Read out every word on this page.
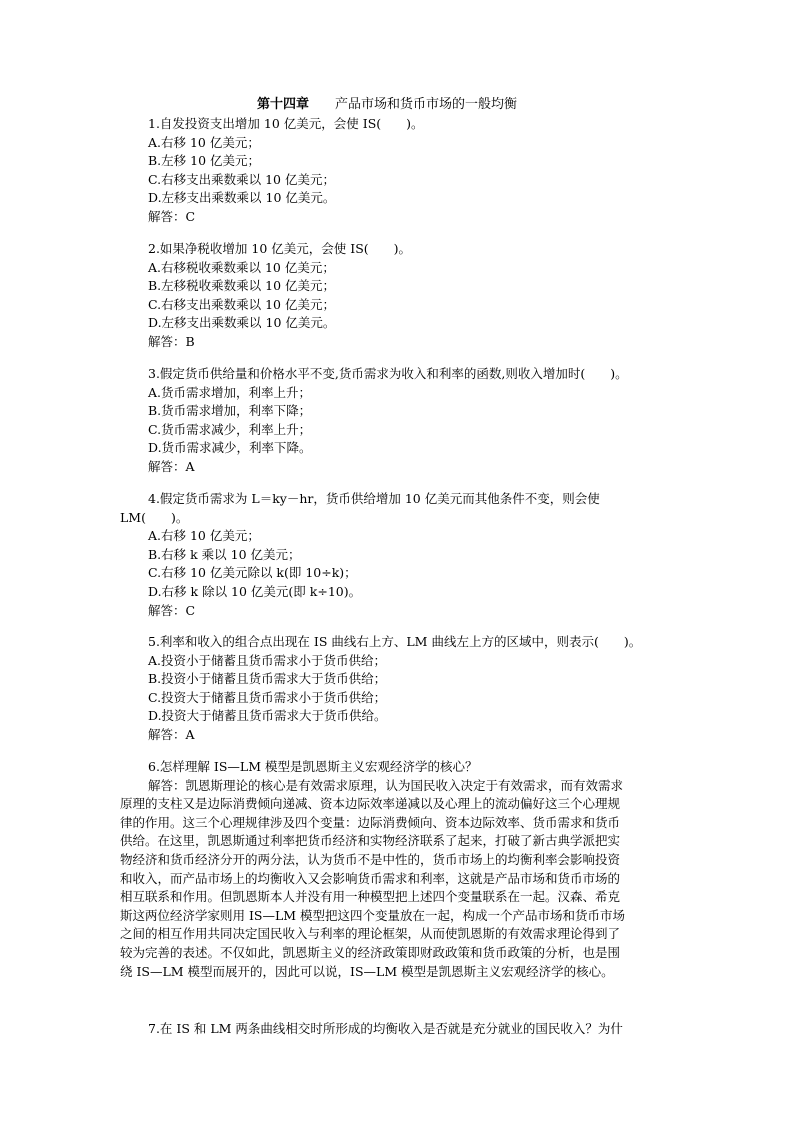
第十四章　　 产品市场和货币市场的一般均衡
1.自发投资支出增加 10 亿美元，会使 IS(　　)。
A.右移 10 亿美元；
B.左移 10 亿美元；
C.右移支出乘数乘以 10 亿美元；
D.左移支出乘数乘以 10 亿美元。
解答：C
2.如果净税收增加 10 亿美元，会使 IS(　　)。
A.右移税收乘数乘以 10 亿美元；
B.左移税收乘数乘以 10 亿美元；
C.右移支出乘数乘以 10 亿美元；
D.左移支出乘数乘以 10 亿美元。
解答：B
3.假定货币供给量和价格水平不变,货币需求为收入和利率的函数,则收入增加时(　　)。
A.货币需求增加，利率上升；
B.货币需求增加，利率下降；
C.货币需求减少，利率上升；
D.货币需求减少，利率下降。
解答：A
4.假定货币需求为 L＝ky－hr，货币供给增加 10 亿美元而其他条件不变，则会使
LM(　　)。
A.右移 10 亿美元；
B.右移 k 乘以 10 亿美元；
C.右移 10 亿美元除以 k(即 10÷k)；
D.右移 k 除以 10 亿美元(即 k÷10)。
解答：C
5.利率和收入的组合点出现在 IS 曲线右上方、LM 曲线左上方的区域中，则表示(　　)。
A.投资小于储蓄且货币需求小于货币供给；
B.投资小于储蓄且货币需求大于货币供给；
C.投资大于储蓄且货币需求小于货币供给；
D.投资大于储蓄且货币需求大于货币供给。
解答：A
6.怎样理解 IS—LM 模型是凯恩斯主义宏观经济学的核心？
解答：凯恩斯理论的核心是有效需求原理，认为国民收入决定于有效需求，而有效需求
原理的支柱又是边际消费倾向递减、资本边际效率递减以及心理上的流动偏好这三个心理规
律的作用。这三个心理规律涉及四个变量：边际消费倾向、资本边际效率、货币需求和货币
供给。在这里，凯恩斯通过利率把货币经济和实物经济联系了起来，打破了新古典学派把实
物经济和货币经济分开的两分法，认为货币不是中性的，货币市场上的均衡利率会影响投资
和收入，而产品市场上的均衡收入又会影响货币需求和利率，这就是产品市场和货币市场的
相互联系和作用。但凯恩斯本人并没有用一种模型把上述四个变量联系在一起。汉森、希克
斯这两位经济学家则用 IS—LM 模型把这四个变量放在一起，构成一个产品市场和货币市场
之间的相互作用共同决定国民收入与利率的理论框架，从而使凯恩斯的有效需求理论得到了
较为完善的表述。不仅如此，凯恩斯主义的经济政策即财政政策和货币政策的分析，也是围
绕 IS—LM 模型而展开的，因此可以说，IS—LM 模型是凯恩斯主义宏观经济学的核心。
7.在 IS 和 LM 两条曲线相交时所形成的均衡收入是否就是充分就业的国民收入？为什
